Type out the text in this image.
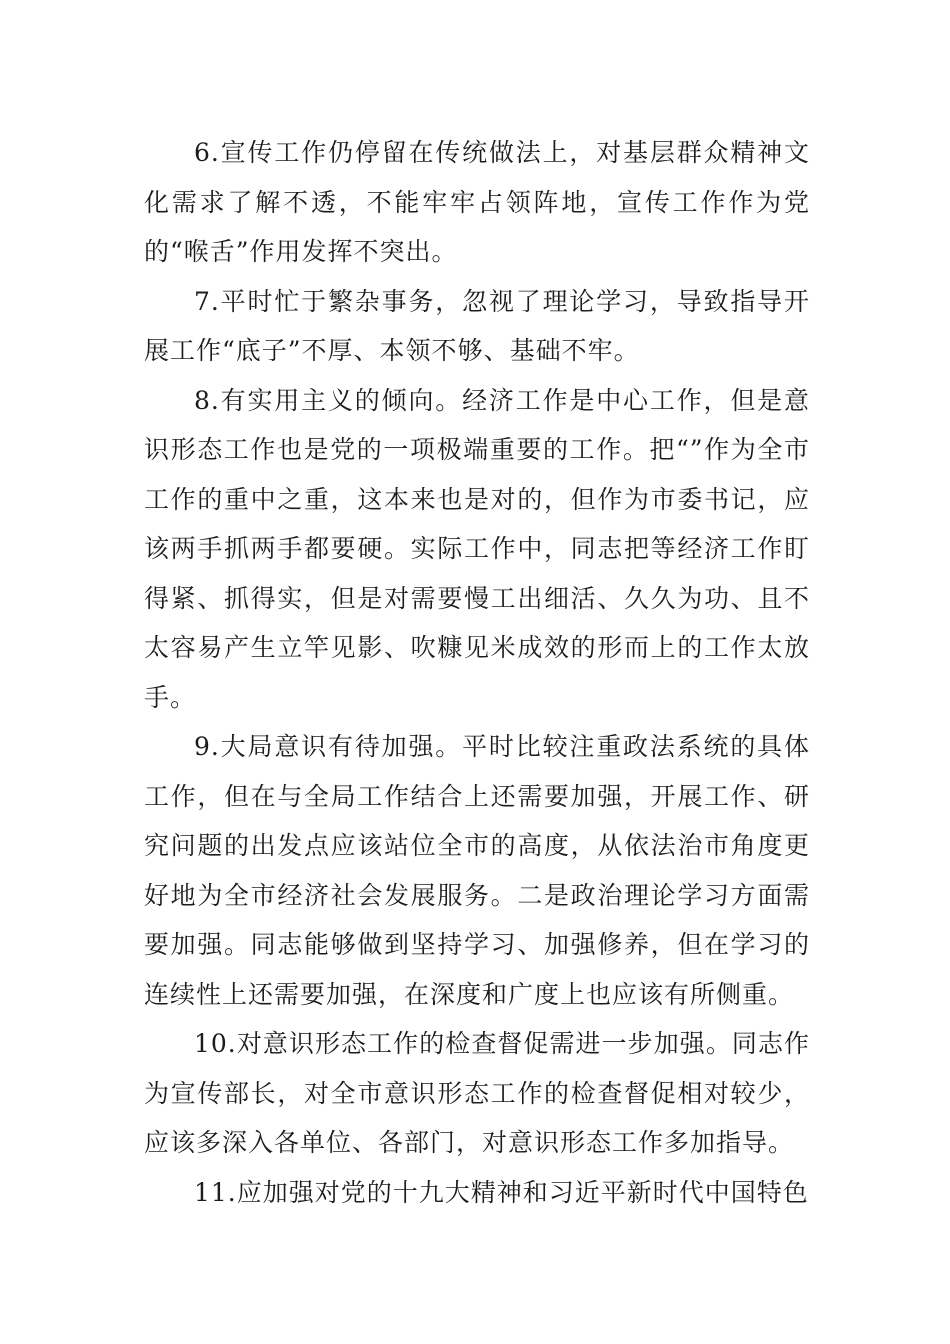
6.宣传工作仍停留在传统做法上，对基层群众精神文化需求了解不透，不能牢牢占领阵地，宣传工作作为党的“喉舌”作用发挥不突出。

7.平时忙于繁杂事务，忽视了理论学习，导致指导开展工作“底子”不厚、本领不够、基础不牢。

8.有实用主义的倾向。经济工作是中心工作，但是意识形态工作也是党的一项极端重要的工作。把“”作为全市工作的重中之重，这本来也是对的，但作为市委书记，应该两手抓两手都要硬。实际工作中，同志把等经济工作盯得紧、抓得实，但是对需要慢工出细活、久久为功、且不太容易产生立竿见影、吹糠见米成效的形而上的工作太放手。

9.大局意识有待加强。平时比较注重政法系统的具体工作，但在与全局工作结合上还需要加强，开展工作、研究问题的出发点应该站位全市的高度，从依法治市角度更好地为全市经济社会发展服务。二是政治理论学习方面需要加强。同志能够做到坚持学习、加强修养，但在学习的连续性上还需要加强，在深度和广度上也应该有所侧重。

10.对意识形态工作的检查督促需进一步加强。同志作为宣传部长，对全市意识形态工作的检查督促相对较少，应该多深入各单位、各部门，对意识形态工作多加指导。

11.应加强对党的十九大精神和习近平新时代中国特色
